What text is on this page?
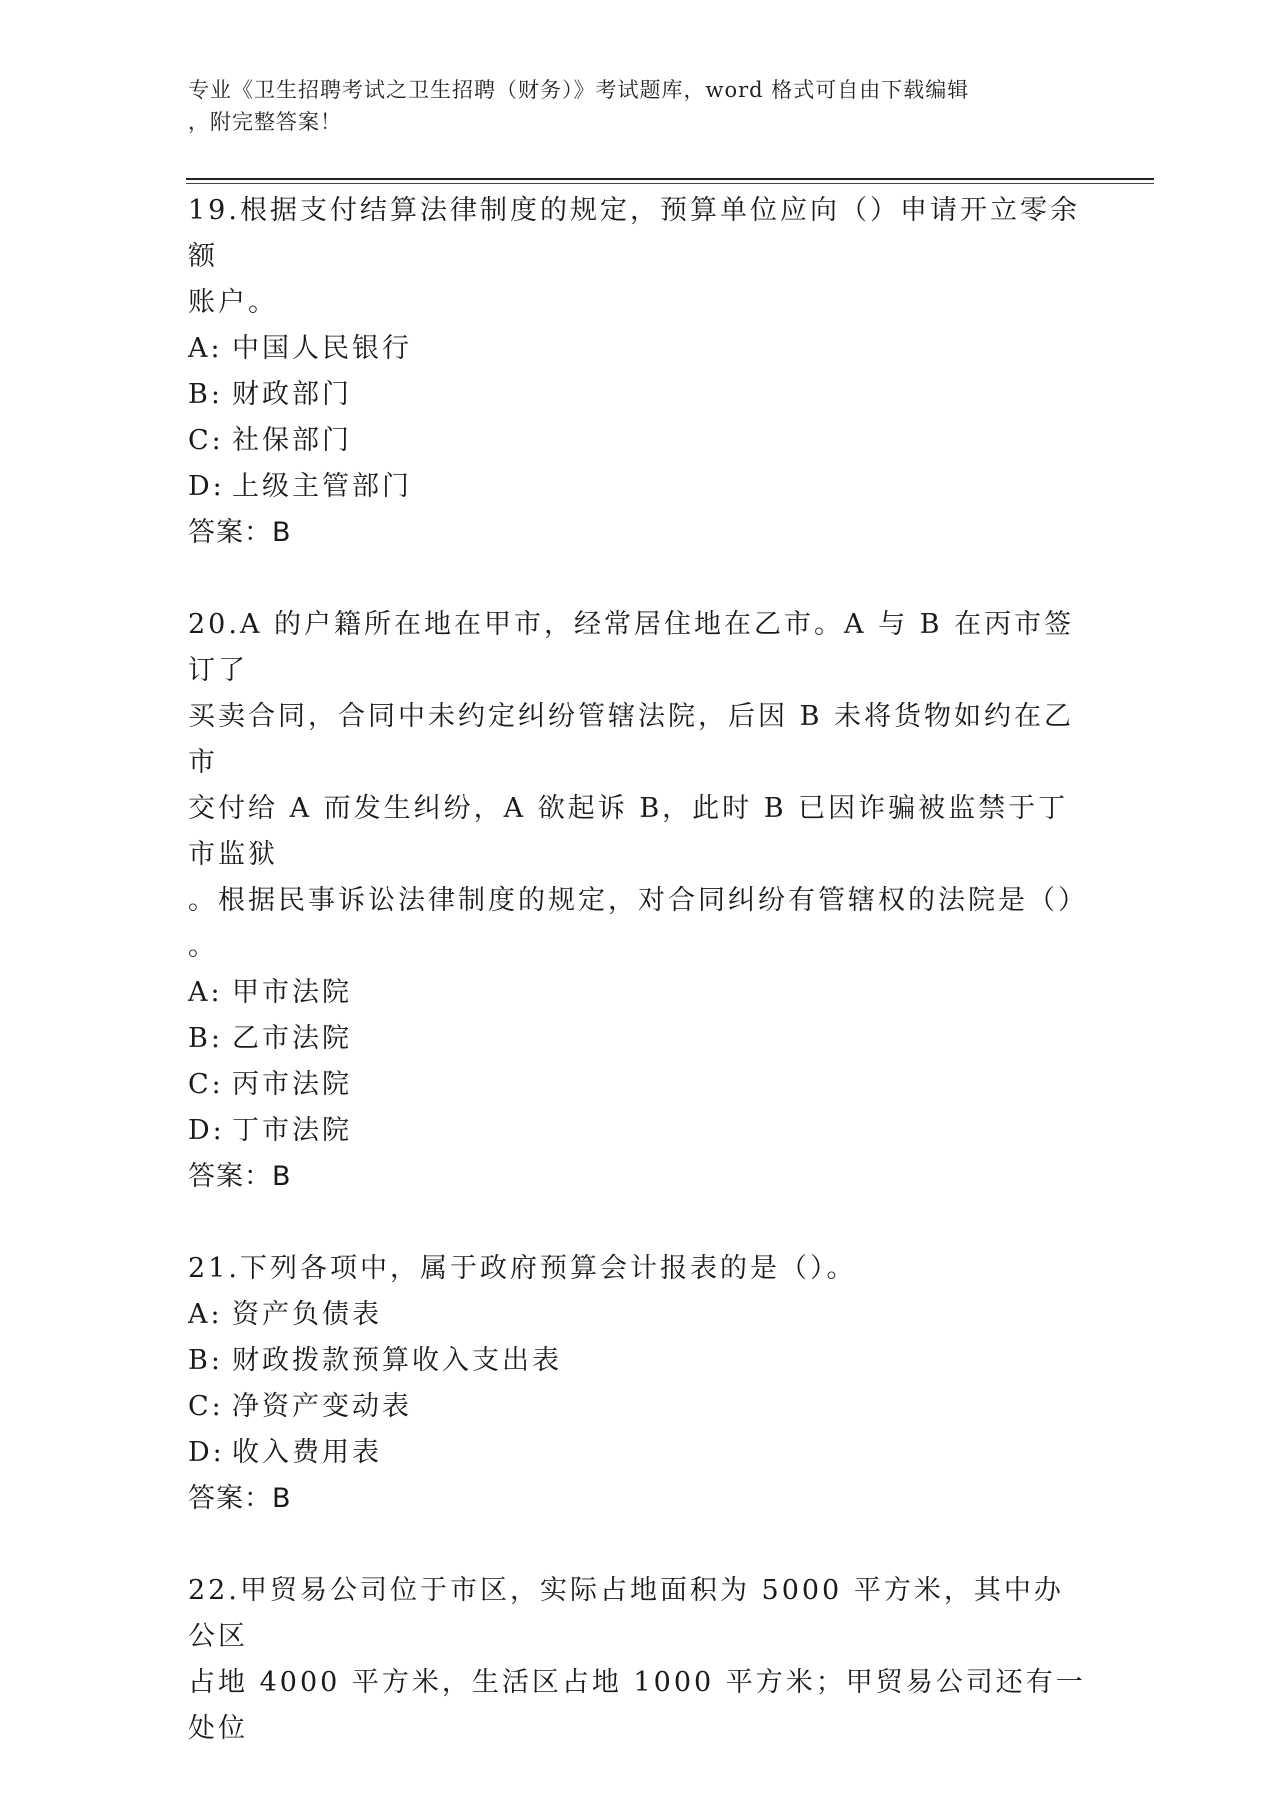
专业《卫生招聘考试之卫生招聘（财务）》考试题库，word 格式可自由下载编辑
，附完整答案！

19.根据支付结算法律制度的规定，预算单位应向（）申请开立零余额

账户。

A: 中国人民银行

B: 财政部门

C: 社保部门

D: 上级主管部门

答案：B

20.A 的户籍所在地在甲市，经常居住地在乙市。A 与 B 在丙市签订了

买卖合同，合同中未约定纠纷管辖法院，后因 B 未将货物如约在乙市

交付给 A 而发生纠纷，A 欲起诉 B，此时 B 已因诈骗被监禁于丁市监狱

。根据民事诉讼法律制度的规定，对合同纠纷有管辖权的法院是（）

。

A: 甲市法院

B: 乙市法院

C: 丙市法院

D: 丁市法院

答案：B

21.下列各项中，属于政府预算会计报表的是（）。

A: 资产负债表

B: 财政拨款预算收入支出表

C: 净资产变动表

D: 收入费用表

答案：B

22.甲贸易公司位于市区，实际占地面积为 5000 平方米，其中办公区

占地 4000 平方米，生活区占地 1000 平方米；甲贸易公司还有一处位
